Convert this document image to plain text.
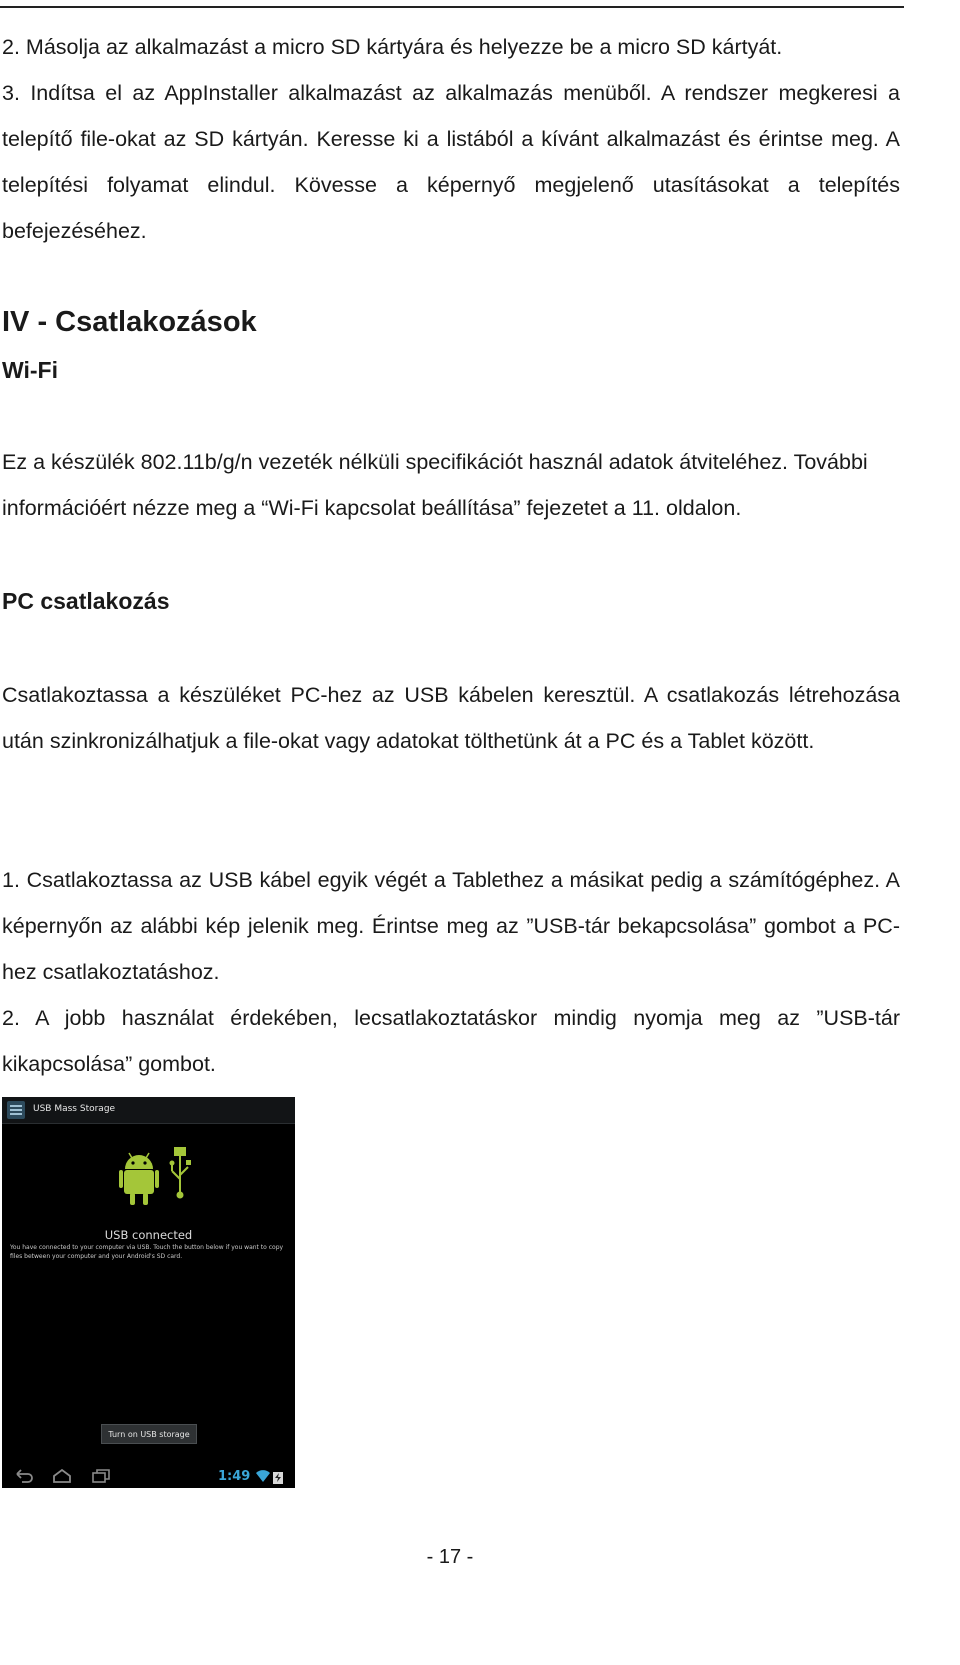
2. Másolja az alkalmazást a micro SD kártyára és helyezze be a micro SD kártyát.
3. Indítsa el az AppInstaller alkalmazást az alkalmazás menüből. A rendszer megkeresi a telepítő file-okat az SD kártyán. Keresse ki a listából a kívánt alkalmazást és érintse meg. A telepítési folyamat elindul. Kövesse a képernyő megjelenő utasításokat a telepítés befejezéséhez.
IV - Csatlakozások
Wi-Fi
Ez a készülék 802.11b/g/n vezeték nélküli specifikációt használ adatok átviteléhez. További információért nézze meg a “Wi-Fi kapcsolat beállítása” fejezetet a 11. oldalon.
PC csatlakozás
Csatlakoztassa a készüléket PC-hez az USB kábelen keresztül. A csatlakozás létrehozása után szinkronizálhatjuk a file-okat vagy adatokat tölthetünk át a PC és a Tablet között.
1. Csatlakoztassa az USB kábel egyik végét a Tablethez a másikat pedig a számítógéphez. A képernyőn az alábbi kép jelenik meg. Érintse meg az ”USB-tár bekapcsolása” gombot a PC-hez csatlakoztatáshoz.
2. A jobb használat érdekében, lecsatlakoztatáskor mindig nyomja meg az ”USB-tár kikapcsolása” gombot.
USB Mass Storage
USB connected
You have connected to your computer via USB. Touch the button below if you want to copy files between your computer and your Android's SD card.
Turn on USB storage
1:49
- 17 -
